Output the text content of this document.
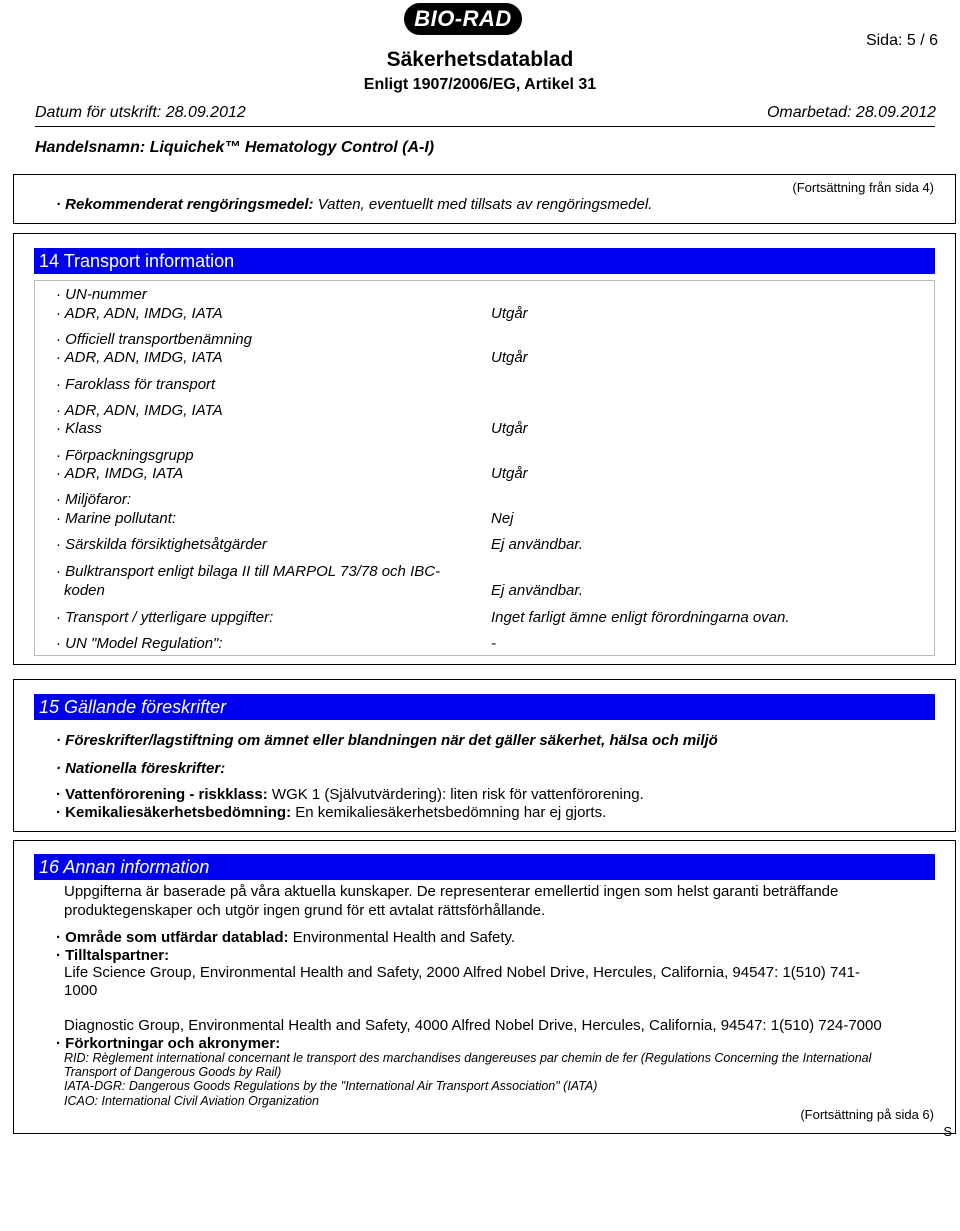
BIO-RAD
Sida: 5 / 6
Säkerhetsdatablad
Enligt 1907/2006/EG, Artikel 31
Datum för utskrift: 28.09.2012	Omarbetad: 28.09.2012
Handelsnamn: Liquichek™ Hematology Control (A-I)
(Fortsättning från sida 4)
· Rekommenderat rengöringsmedel: Vatten, eventuellt med tillsats av rengöringsmedel.
14 Transport information
· UN-nummer
· ADR, ADN, IMDG, IATA	Utgår
· Officiell transportbenämning
· ADR, ADN, IMDG, IATA	Utgår
· Faroklass för transport
· ADR, ADN, IMDG, IATA
· Klass	Utgår
· Förpackningsgrupp
· ADR, IMDG, IATA	Utgår
· Miljöfaror:
· Marine pollutant:	Nej
· Särskilda försiktighetsåtgärder	Ej användbar.
· Bulktransport enligt bilaga II till MARPOL 73/78 och IBC-
koden	Ej användbar.
· Transport / ytterligare uppgifter:	Inget farligt ämne enligt förordningarna ovan.
· UN "Model Regulation":	-
15 Gällande föreskrifter
· Föreskrifter/lagstiftning om ämnet eller blandningen när det gäller säkerhet, hälsa och miljö
· Nationella föreskrifter:
· Vattenförorening - riskklass: WGK 1 (Självutvärdering): liten risk för vattenförorening.
· Kemikaliesäkerhetsbedömning: En kemikaliesäkerhetsbedömning har ej gjorts.
16 Annan information
Uppgifterna är baserade på våra aktuella kunskaper. De representerar emellertid ingen som helst garanti beträffande
produktegenskaper och utgör ingen grund för ett avtalat rättsförhållande.
· Område som utfärdar datablad: Environmental Health and Safety.
· Tilltalspartner:
Life Science Group, Environmental Health and Safety, 2000 Alfred Nobel Drive, Hercules, California, 94547: 1(510) 741-
1000
Diagnostic Group, Environmental Health and Safety, 4000 Alfred Nobel Drive, Hercules, California, 94547: 1(510) 724-7000
· Förkortningar och akronymer:
RID: Règlement international concernant le transport des marchandises dangereuses par chemin de fer (Regulations Concerning the International
Transport of Dangerous Goods by Rail)
IATA-DGR: Dangerous Goods Regulations by the "International Air Transport Association" (IATA)
ICAO: International Civil Aviation Organization
(Fortsättning på sida 6)
S
